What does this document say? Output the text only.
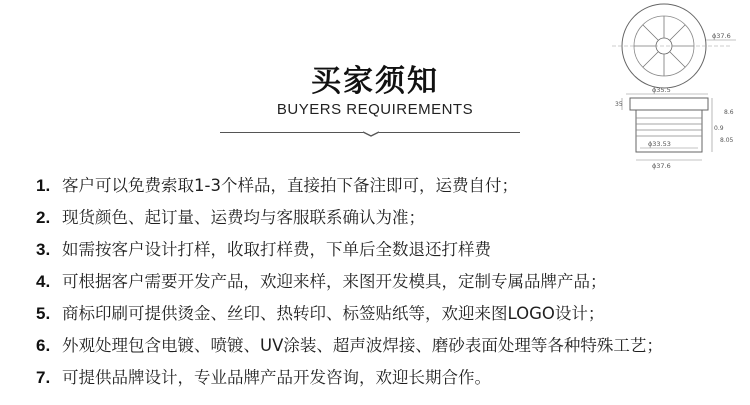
买家须知
BUYERS REQUIREMENTS
ϕ37.6
ϕ35.5
35
0.9
8.05
ϕ33.53
ϕ37.6
8.6
1. 客户可以免费索取1-3个样品，直接拍下备注即可，运费自付；
2. 现货颜色、起订量、运费均与客服联系确认为准；
3. 如需按客户设计打样，收取打样费，下单后全数退还打样费
4. 可根据客户需要开发产品，欢迎来样，来图开发模具，定制专属品牌产品；
5. 商标印刷可提供烫金、丝印、热转印、标签贴纸等，欢迎来图LOGO设计；
6. 外观处理包含电镀、喷镀、UV涂装、超声波焊接、磨砂表面处理等各种特殊工艺；
7. 可提供品牌设计，专业品牌产品开发咨询，欢迎长期合作。
